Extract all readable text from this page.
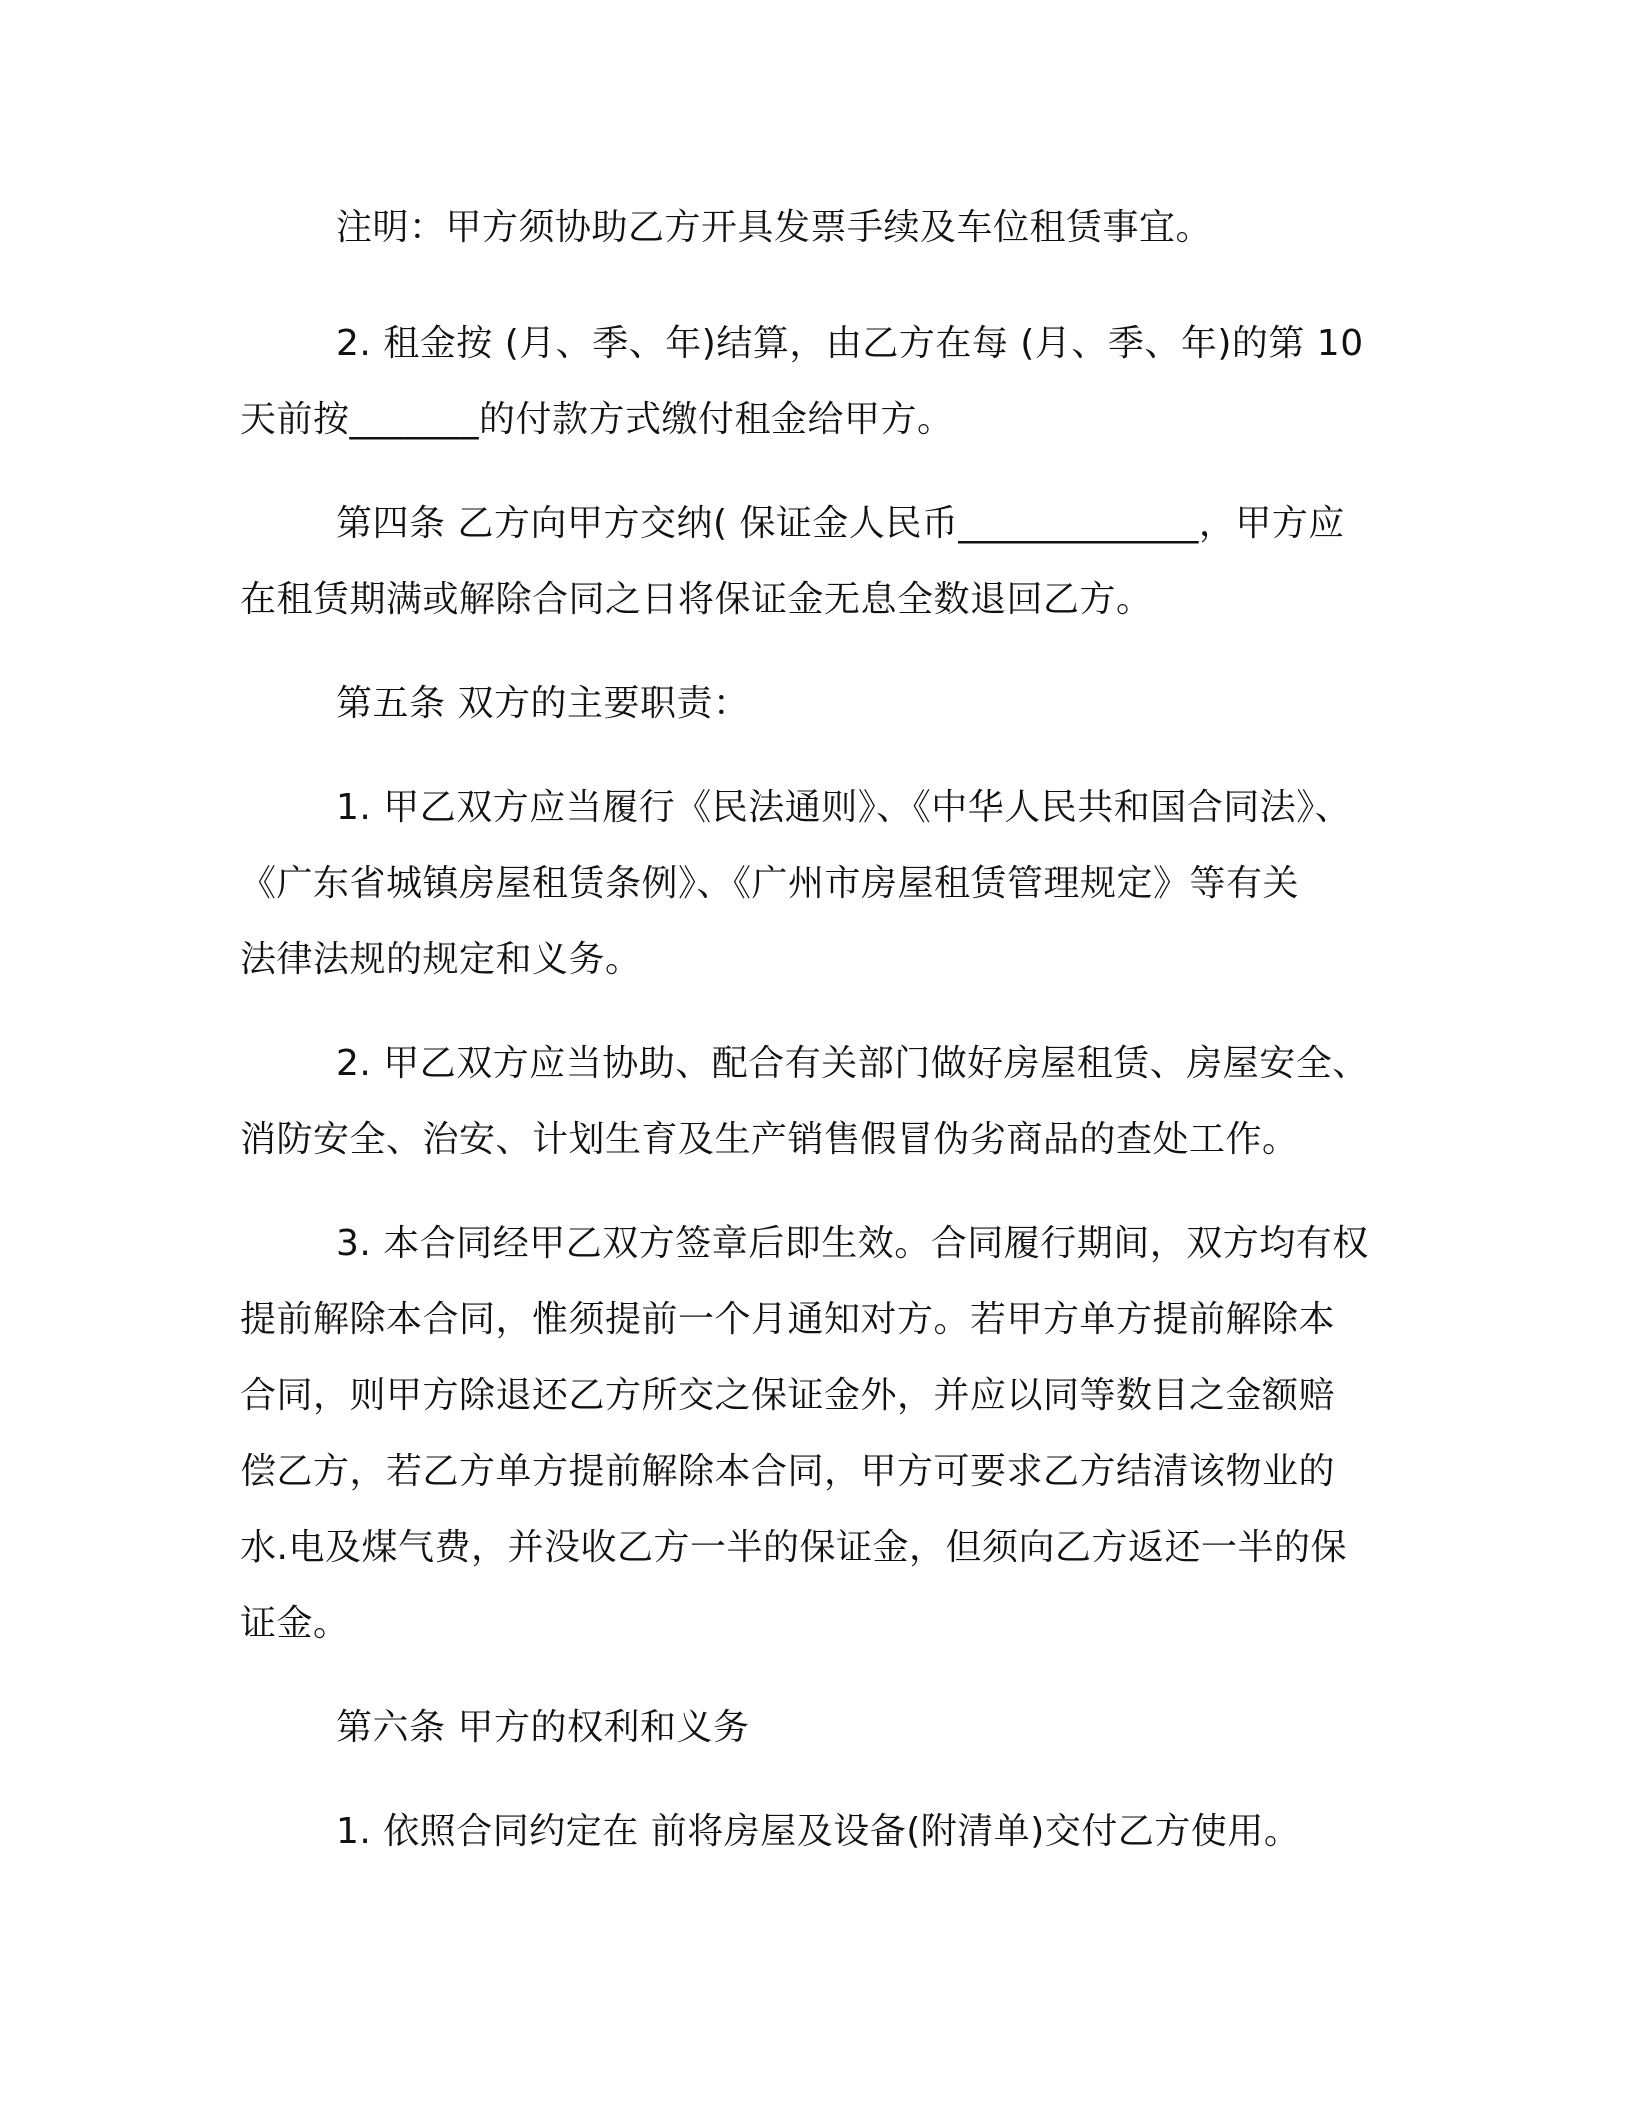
注明：甲方须协助乙方开具发票手续及车位租赁事宜。

2. 租金按 (月、季、年)结算，由乙方在每 (月、季、年)的第 10
天前按_______的付款方式缴付租金给甲方。

第四条 乙方向甲方交纳( 保证金人民币_____________，甲方应
在租赁期满或解除合同之日将保证金无息全数退回乙方。

第五条 双方的主要职责：

1. 甲乙双方应当履行《民法通则》、《中华人民共和国合同法》、
《广东省城镇房屋租赁条例》、《广州市房屋租赁管理规定》等有关
法律法规的规定和义务。

2. 甲乙双方应当协助、配合有关部门做好房屋租赁、房屋安全、
消防安全、治安、计划生育及生产销售假冒伪劣商品的查处工作。

3. 本合同经甲乙双方签章后即生效。合同履行期间，双方均有权
提前解除本合同，惟须提前一个月通知对方。若甲方单方提前解除本
合同，则甲方除退还乙方所交之保证金外，并应以同等数目之金额赔
偿乙方，若乙方单方提前解除本合同，甲方可要求乙方结清该物业的
水.电及煤气费，并没收乙方一半的保证金，但须向乙方返还一半的保
证金。

第六条 甲方的权利和义务

1. 依照合同约定在 前将房屋及设备(附清单)交付乙方使用。
